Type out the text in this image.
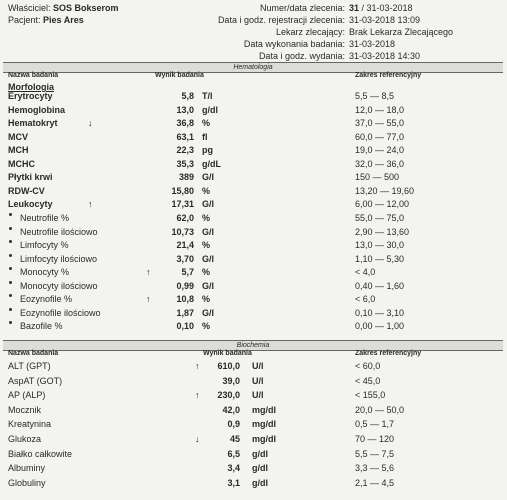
Właściciel: SOS Bokserom
Pacjent: Pies Ares
Numer/data zlecenia: 31 / 31-03-2018
Data i godz. rejestracji zlecenia: 31-03-2018 13:09
Lekarz zlecający: Brak Lekarza Zlecającego
Data wykonania badania: 31-03-2018
Data i godz. wydania: 31-03-2018 14:30
Hematologia
Nazwa badania	Wynik badania	Zakres referencyjny
Morfologia
Erytrocyty	5,8 T/l	5,5 — 8,5
Hemoglobina	13,0 g/dl	12,0 — 18,0
Hematokryt	↓	36,8 %	37,0 — 55,0
MCV	63,1 fl	60,0 — 77,0
MCH	22,3 pg	19,0 — 24,0
MCHC	35,3 g/dL	32,0 — 36,0
Płytki krwi	389 G/l	150 — 500
RDW-CV	15,80 %	13,20 — 19,60
Leukocyty	↑	17,31 G/l	6,00 — 12,00
Neutrofile %	62,0 %	55,0 — 75,0
Neutrofile ilościowo	10,73 G/l	2,90 — 13,60
Limfocyty %	21,4 %	13,0 — 30,0
Limfocyty ilościowo	3,70 G/l	1,10 — 5,30
Monocyty %	↑	5,7 %	< 4,0
Monocyty ilościowo	0,99 G/l	0,40 — 1,60
Eozynofile %	↑	10,8 %	< 6,0
Eozynofile ilościowo	1,87 G/l	0,10 — 3,10
Bazofile %	0,10 %	0,00 — 1,00
Biochemia
Nazwa badania	Wynik badania	Zakres referencyjny
ALT (GPT)	↑	610,0 U/l	< 60,0
AspAT (GOT)	39,0 U/l	< 45,0
AP (ALP)	↑	230,0 U/l	< 155,0
Mocznik	42,0 mg/dl	20,0 — 50,0
Kreatynina	0,9 mg/dl	0,5 — 1,7
Glukoza	↓	45 mg/dl	70 — 120
Białko całkowite	6,5 g/dl	5,5 — 7,5
Albuminy	3,4 g/dl	3,3 — 5,6
Globuliny	3,1 g/dl	2,1 — 4,5
